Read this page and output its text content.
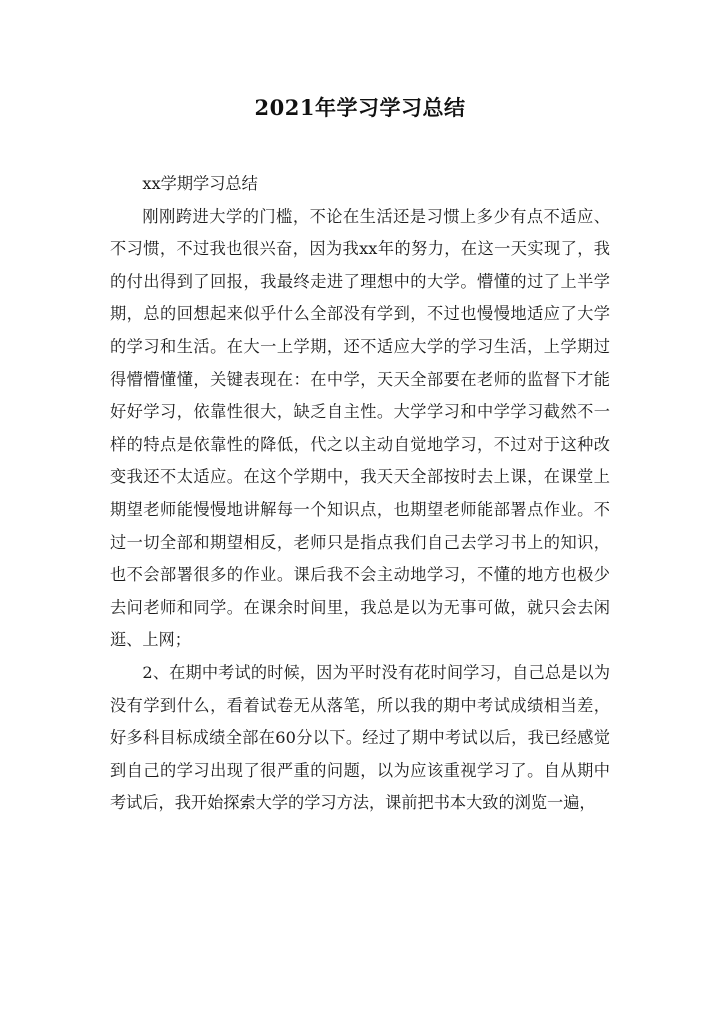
2021年学习学习总结

xx学期学习总结

刚刚跨进大学的门槛，不论在生活还是习惯上多少有点不适应、不习惯，不过我也很兴奋，因为我xx年的努力，在这一天实现了，我的付出得到了回报，我最终走进了理想中的大学。懵懂的过了上半学期，总的回想起来似乎什么全部没有学到，不过也慢慢地适应了大学的学习和生活。在大一上学期，还不适应大学的学习生活，上学期过得懵懵懂懂，关键表现在：在中学，天天全部要在老师的监督下才能好好学习，依靠性很大，缺乏自主性。大学学习和中学学习截然不一样的特点是依靠性的降低，代之以主动自觉地学习，不过对于这种改变我还不太适应。在这个学期中，我天天全部按时去上课，在课堂上期望老师能慢慢地讲解每一个知识点，也期望老师能部署点作业。不过一切全部和期望相反，老师只是指点我们自己去学习书上的知识，也不会部署很多的作业。课后我不会主动地学习，不懂的地方也极少去问老师和同学。在课余时间里，我总是以为无事可做，就只会去闲逛、上网；

2、在期中考试的时候，因为平时没有花时间学习，自己总是以为没有学到什么，看着试卷无从落笔，所以我的期中考试成绩相当差，好多科目标成绩全部在60分以下。经过了期中考试以后，我已经感觉到自己的学习出现了很严重的问题，以为应该重视学习了。自从期中考试后，我开始探索大学的学习方法，课前把书本大致的浏览一遍，
